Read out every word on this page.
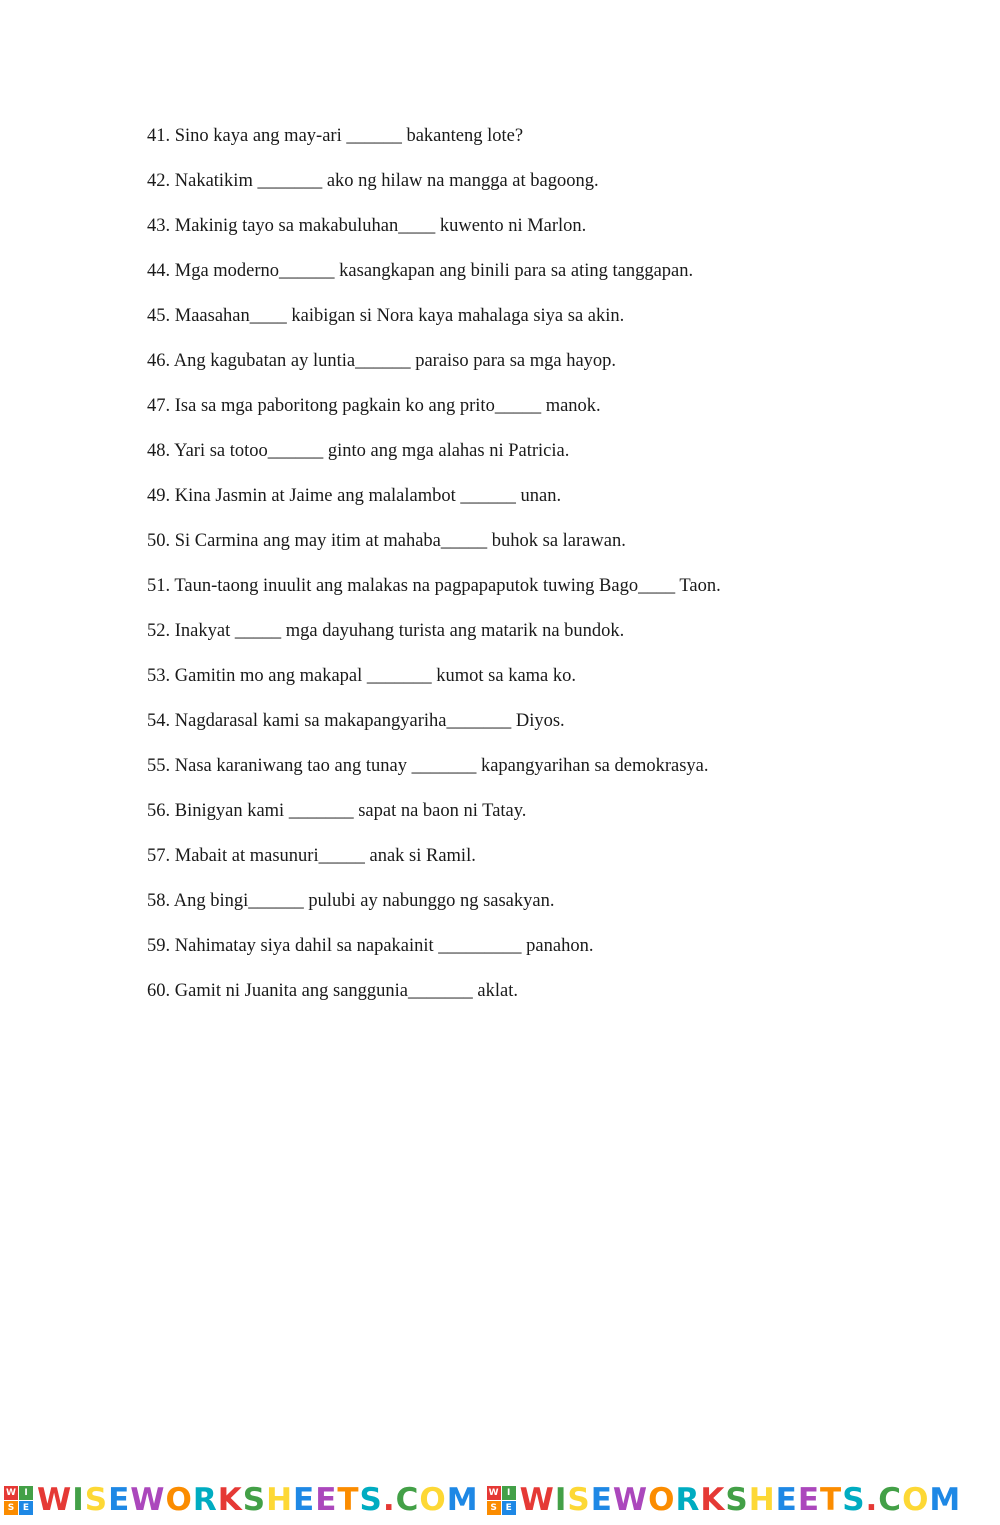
41. Sino kaya ang may-ari ______ bakanteng lote?
42. Nakatikim _______ ako ng hilaw na mangga at bagoong.
43. Makinig tayo sa makabuluhan____ kuwento ni Marlon.
44. Mga moderno______ kasangkapan ang binili para sa ating tanggapan.
45. Maasahan____ kaibigan si Nora kaya mahalaga siya sa akin.
46. Ang kagubatan ay luntia______ paraiso para sa mga hayop.
47. Isa sa mga paboritong pagkain ko ang prito_____ manok.
48. Yari sa totoo______ ginto ang mga alahas ni Patricia.
49. Kina Jasmin at Jaime ang malalambot ______ unan.
50. Si Carmina ang may itim at mahaba_____ buhok sa larawan.
51. Taun-taong inuulit ang malakas na pagpapaputok tuwing Bago____ Taon.
52. Inakyat _____ mga dayuhang turista ang matarik na bundok.
53. Gamitin mo ang makapal _______ kumot sa kama ko.
54. Nagdarasal kami sa makapangyariha_______ Diyos.
55. Nasa karaniwang tao ang tunay _______ kapangyarihan sa demokrasya.
56. Binigyan kami _______ sapat na baon ni Tatay.
57. Mabait at masunuri_____ anak si Ramil.
58. Ang bingi______ pulubi ay nabunggo ng sasakyan.
59. Nahimatay siya dahil sa napakainit _________ panahon.
60. Gamit ni Juanita ang sanggunia_______ aklat.
W I
S E WISEWORKSHEETS.COM W I
S E WISEWORKSHEETS.COM
